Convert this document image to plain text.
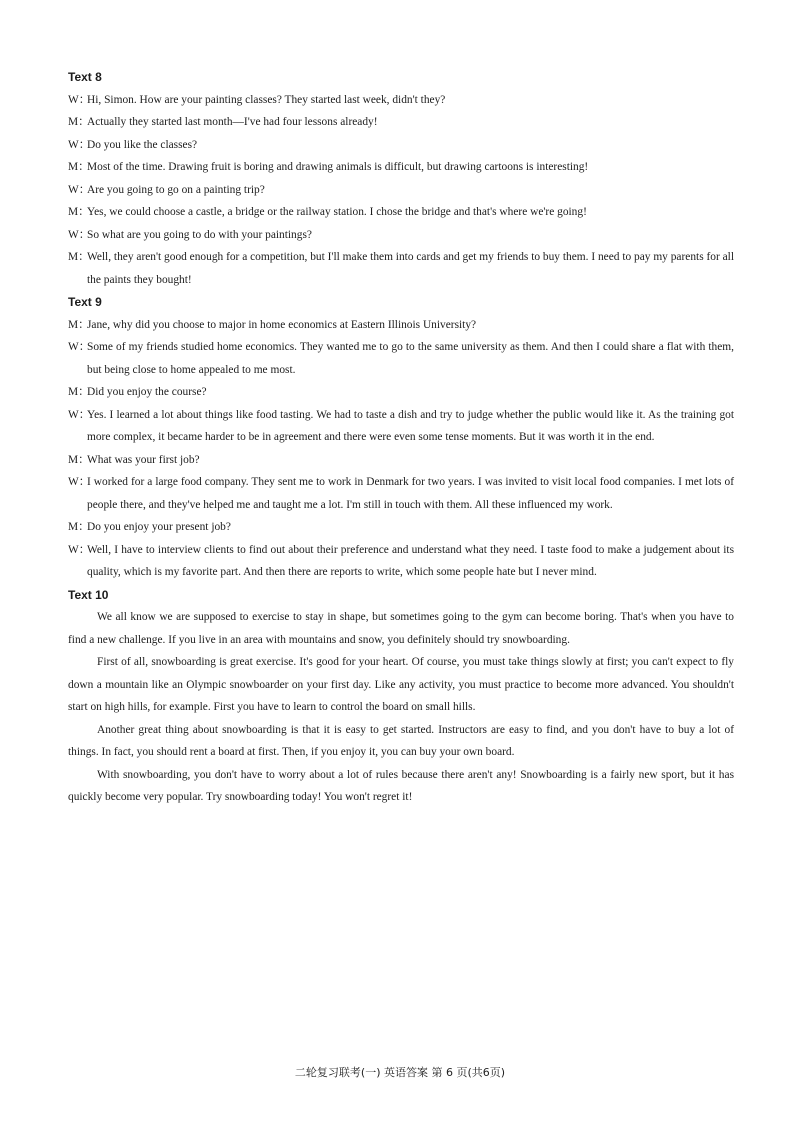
Text 8

W：
Hi, Simon. How are your painting classes? They started last week, didn't they?
M：
Actually they started last month—I've had four lessons already!
W：
Do you like the classes?
M：
Most of the time. Drawing fruit is boring and drawing animals is difficult, but drawing cartoons is interesting!
W：
Are you going to go on a painting trip?
M：
Yes, we could choose a castle, a bridge or the railway station. I chose the bridge and that's where we're going!
W：
So what are you going to do with your paintings?
M：
Well, they aren't good enough for a competition, but I'll make them into cards and get my friends to buy them. I need to pay my parents for all the paints they bought!

Text 9

M：
Jane, why did you choose to major in home economics at Eastern Illinois University?
W：
Some of my friends studied home economics. They wanted me to go to the same university as them. And then I could share a flat with them, but being close to home appealed to me most.
M：
Did you enjoy the course?
W：
Yes. I learned a lot about things like food tasting. We had to taste a dish and try to judge whether the public would like it. As the training got more complex, it became harder to be in agreement and there were even some tense moments. But it was worth it in the end.
M：
What was your first job?
W：
I worked for a large food company. They sent me to work in Denmark for two years. I was invited to visit local food companies. I met lots of people there, and they've helped me and taught me a lot. I'm still in touch with them. All these influenced my work.
M：
Do you enjoy your present job?
W：
Well, I have to interview clients to find out about their preference and understand what they need. I taste food to make a judgement about its quality, which is my favorite part. And then there are reports to write, which some people hate but I never mind.

Text 10

We all know we are supposed to exercise to stay in shape, but sometimes going to the gym can become boring. That's when you have to find a new challenge. If you live in an area with mountains and snow, you definitely should try snowboarding.

First of all, snowboarding is great exercise. It's good for your heart. Of course, you must take things slowly at first; you can't expect to fly down a mountain like an Olympic snowboarder on your first day. Like any activity, you must practice to become more advanced. You shouldn't start on high hills, for example. First you have to learn to control the board on small hills.

Another great thing about snowboarding is that it is easy to get started. Instructors are easy to find, and you don't have to buy a lot of things. In fact, you should rent a board at first. Then, if you enjoy it, you can buy your own board.

With snowboarding, you don't have to worry about a lot of rules because there aren't any! Snowboarding is a fairly new sport, but it has quickly become very popular. Try snowboarding today! You won't regret it!

二轮复习联考(一) 英语答案 第 6 页(共6页)
